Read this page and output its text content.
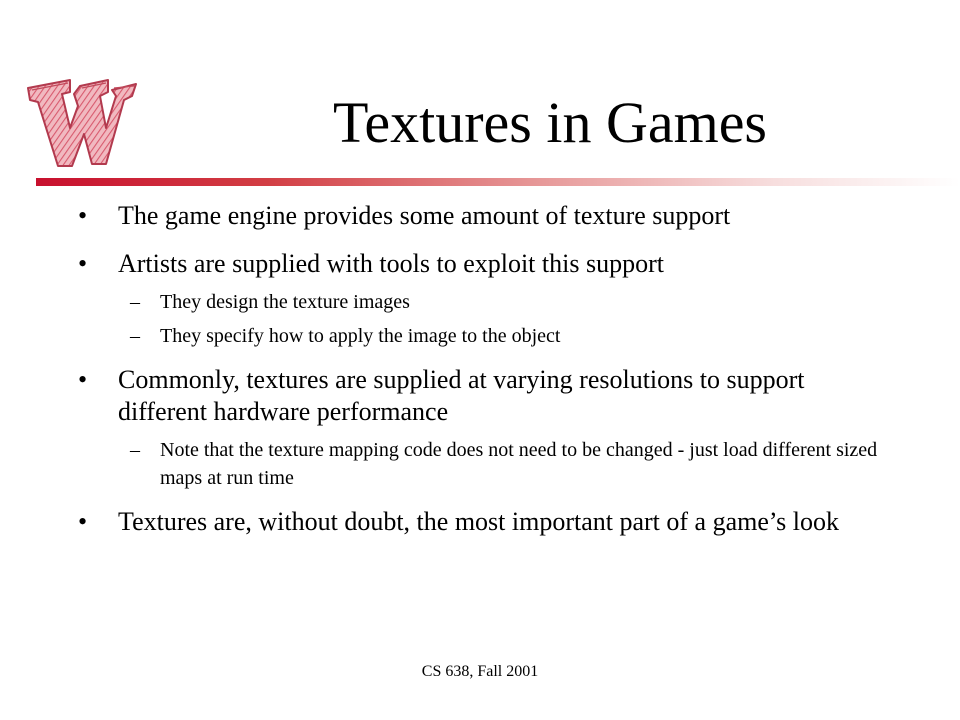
Textures in Games
• The game engine provides some amount of texture support
• Artists are supplied with tools to exploit this support
– They design the texture images
– They specify how to apply the image to the object
• Commonly, textures are supplied at varying resolutions to support different hardware performance
– Note that the texture mapping code does not need to be changed - just load different sized maps at run time
• Textures are, without doubt, the most important part of a game’s look
CS 638, Fall 2001
